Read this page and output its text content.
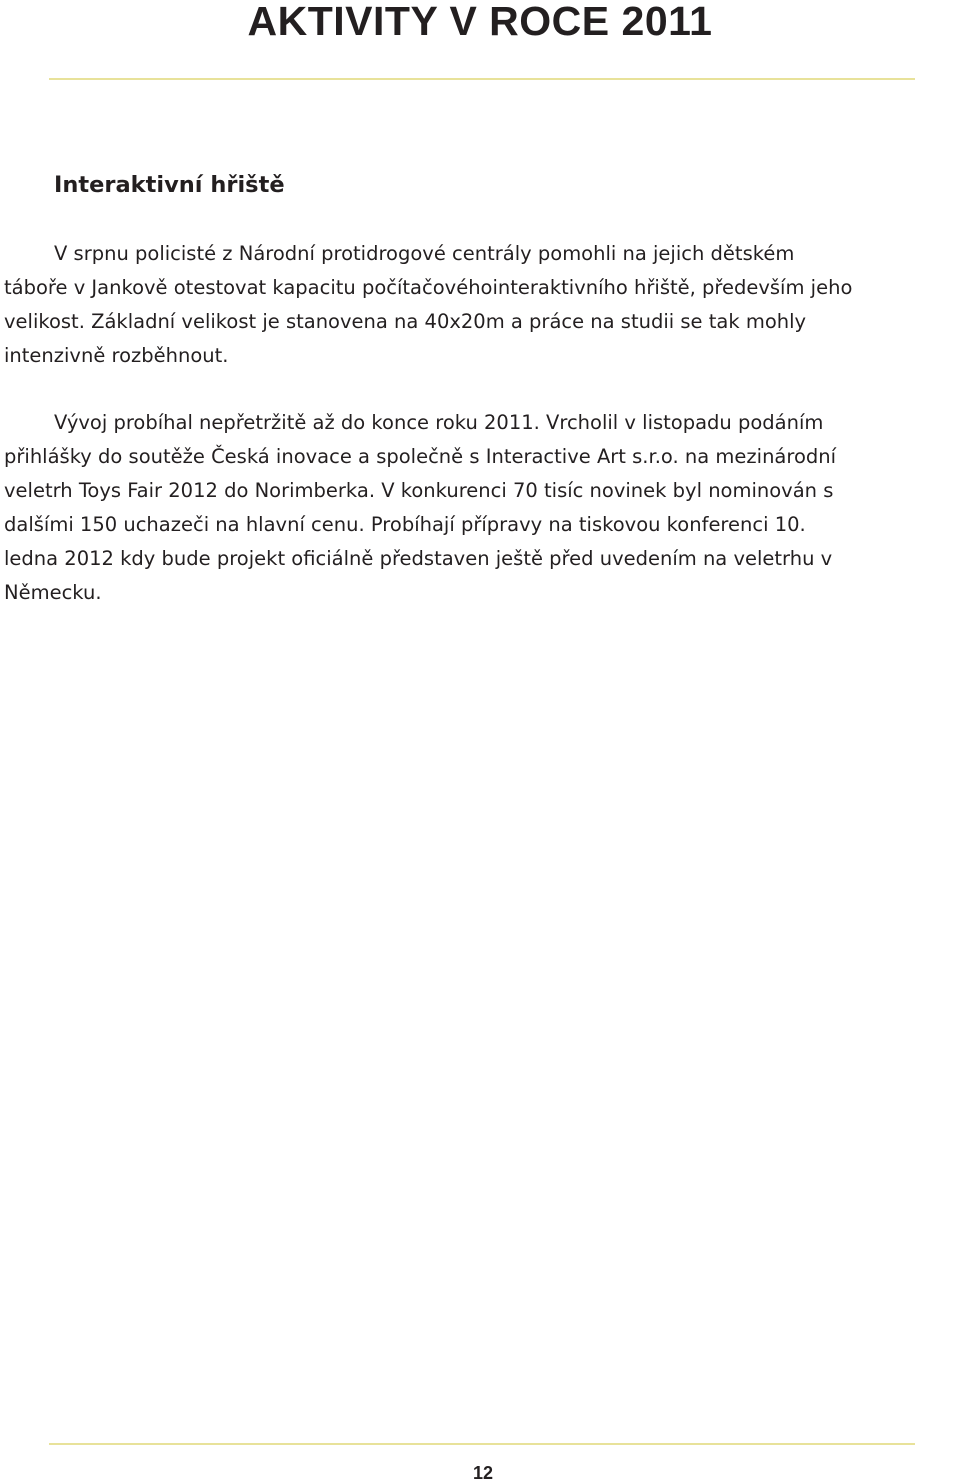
AKTIVITY V ROCE 2011
Interaktivní hřiště

V srpnu policisté z Národní protidrogové centrály pomohli na jejich dětském
táboře v Jankově otestovat kapacitu počítačovéhointeraktivního hřiště, především jeho
velikost. Základní velikost je stanovena na 40x20m a práce na studii se tak mohly
intenzivně rozběhnout.

Vývoj probíhal nepřetržitě až do konce roku 2011. Vrcholil v listopadu podáním
přihlášky do soutěže Česká inovace a společně s Interactive Art s.r.o. na mezinárodní
veletrh Toys Fair 2012 do Norimberka. V konkurenci 70 tisíc novinek byl nominován s
dalšími 150 uchazeči na hlavní cenu. Probíhají přípravy na tiskovou konferenci 10.
ledna 2012 kdy bude projekt oficiálně představen ještě před uvedením na veletrhu v
Německu.

12
